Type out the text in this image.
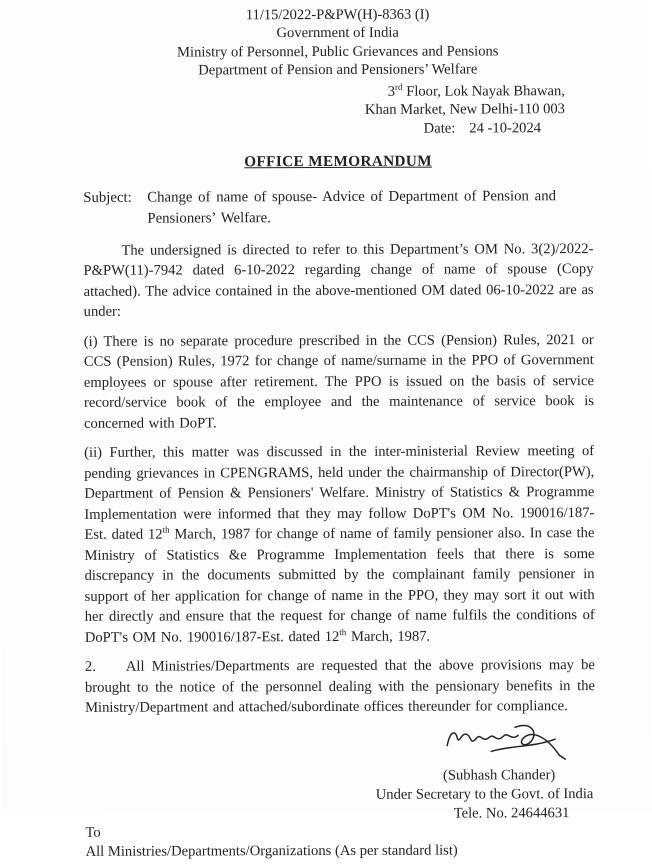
11/15/2022-P&PW(H)-8363 (I)
Government of India
Ministry of Personnel, Public Grievances and Pensions
Department of Pension and Pensioners’ Welfare
3rd Floor, Lok Nayak Bhawan,
Khan Market, New Delhi-110 003
Date: 24 -10-2024
OFFICE MEMORANDUM
Subject:	Change of name of spouse- Advice of Department of Pension and
Pensioners’ Welfare.

The undersigned is directed to refer to this Department’s OM No. 3(2)/2022-P&PW(11)-7942 dated 6-10-2022 regarding change of name of spouse (Copy attached). The advice contained in the above-mentioned OM dated 06-10-2022 are as under:

(i) There is no separate procedure prescribed in the CCS (Pension) Rules, 2021 or CCS (Pension) Rules, 1972 for change of name/surname in the PPO of Government employees or spouse after retirement. The PPO is issued on the basis of service record/service book of the employee and the maintenance of service book is concerned with DoPT.

(ii) Further, this matter was discussed in the inter-ministerial Review meeting of pending grievances in CPENGRAMS, held under the chairmanship of Director(PW), Department of Pension & Pensioners' Welfare. Ministry of Statistics & Programme Implementation were informed that they may follow DoPT's OM No. 190016/187-Est. dated 12th March, 1987 for change of name of family pensioner also. In case the Ministry of Statistics &e Programme Implementation feels that there is some discrepancy in the documents submitted by the complainant family pensioner in support of her application for change of name in the PPO, they may sort it out with her directly and ensure that the request for change of name fulfils the conditions of DoPT's OM No. 190016/187-Est. dated 12th March, 1987.

2. All Ministries/Departments are requested that the above provisions may be brought to the notice of the personnel dealing with the pensionary benefits in the Ministry/Department and attached/subordinate offices thereunder for compliance.

(Subhash Chander)
Under Secretary to the Govt. of India
Tele. No. 24644631
To
All Ministries/Departments/Organizations (As per standard list)
